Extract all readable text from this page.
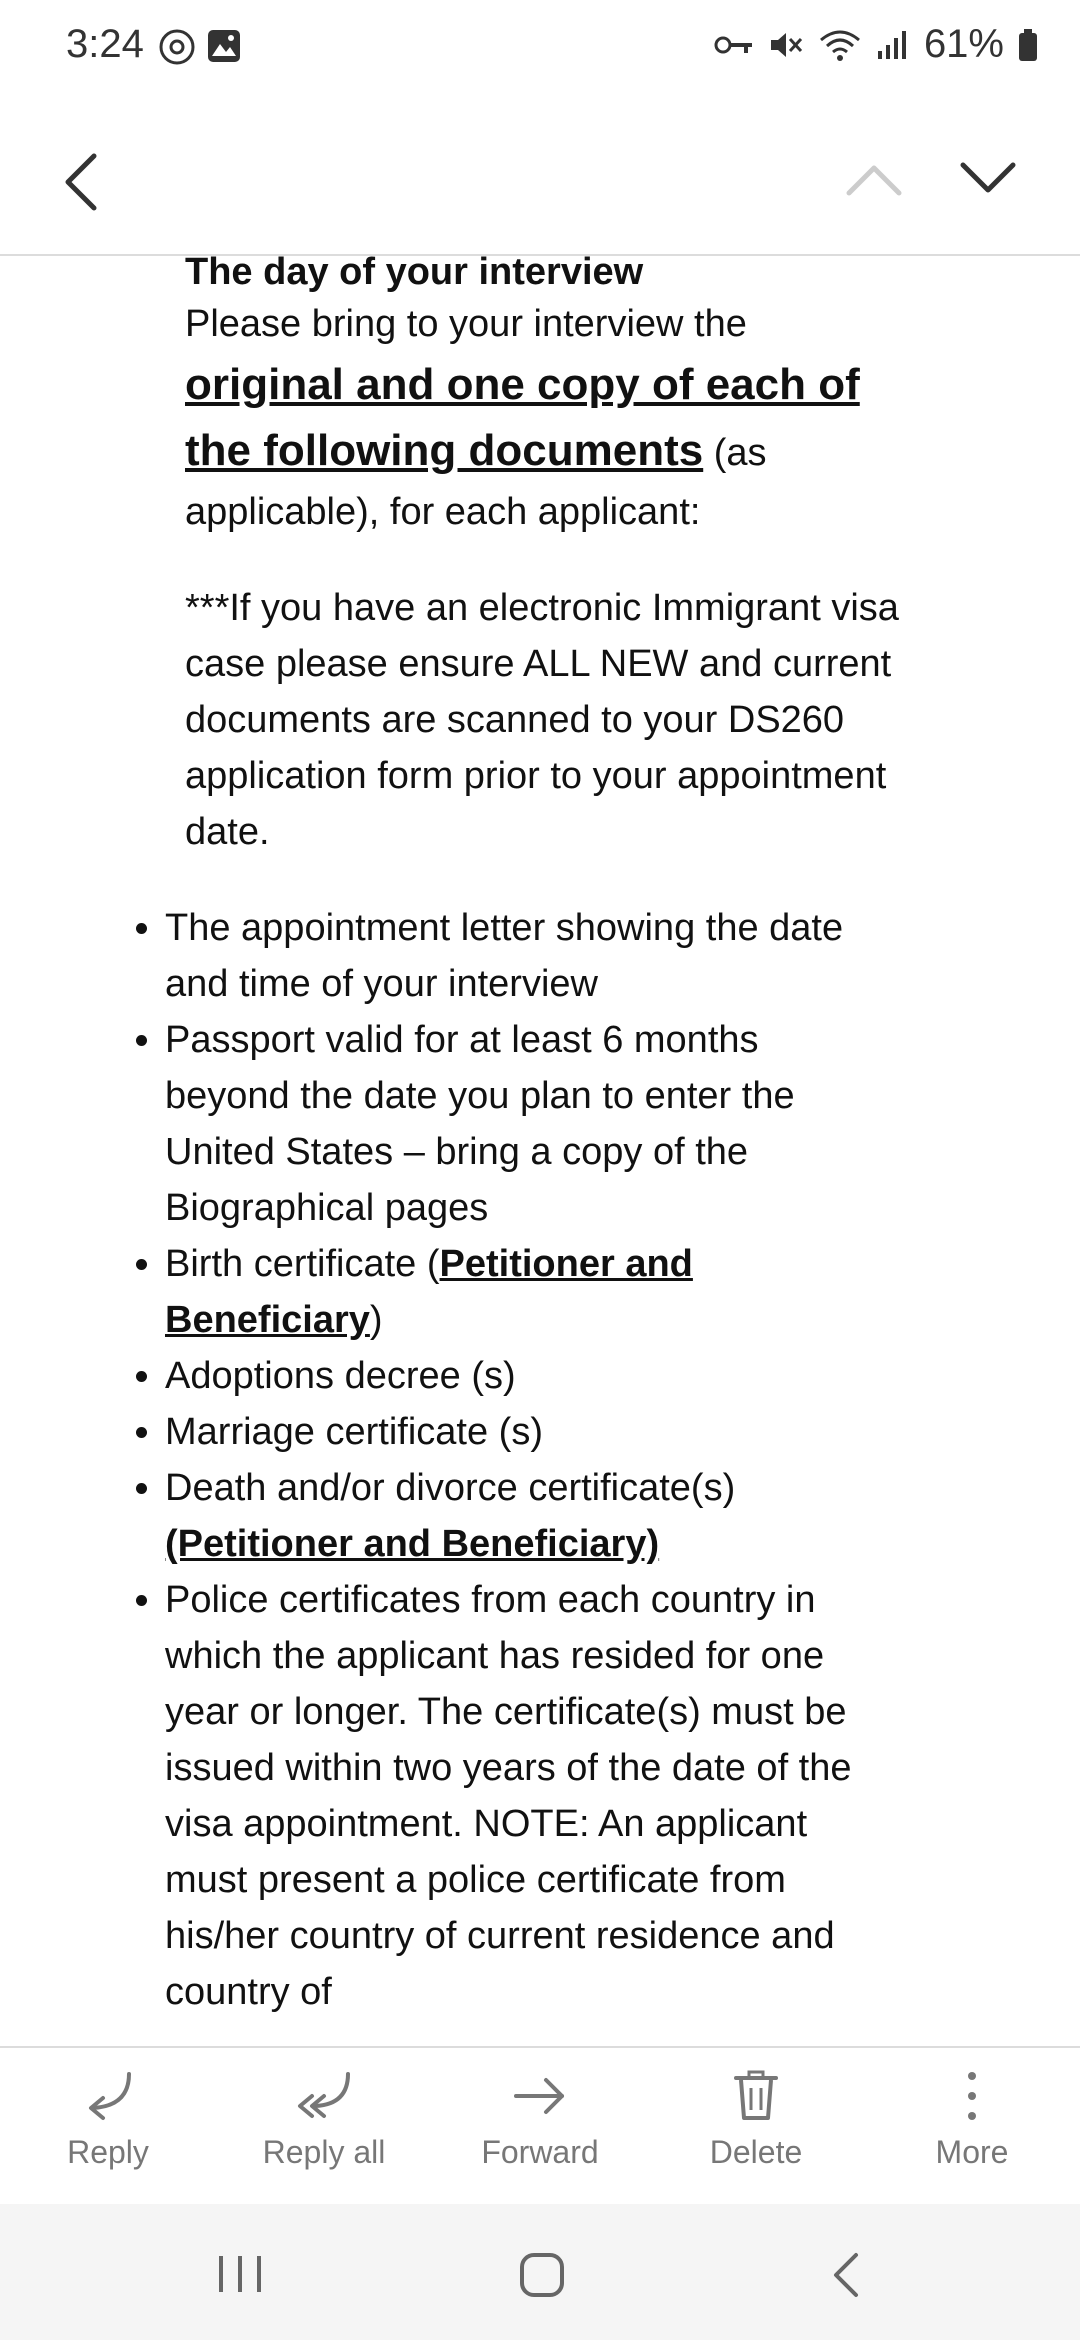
3:24	61%
The day of your interview
Please bring to your interview the
original and one copy of each of the following documents (as applicable), for each applicant:
***If you have an electronic Immigrant visa case please ensure ALL NEW and current documents are scanned to your DS260 application form prior to your appointment date.
• The appointment letter showing the date and time of your interview
• Passport valid for at least 6 months beyond the date you plan to enter the United States – bring a copy of the Biographical pages
• Birth certificate (Petitioner and Beneficiary)
• Adoptions decree (s)
• Marriage certificate (s)
• Death and/or divorce certificate(s) (Petitioner and Beneficiary)
• Police certificates from each country in which the applicant has resided for one year or longer. The certificate(s) must be issued within two years of the date of the visa appointment. NOTE: An applicant must present a police certificate from his/her country of current residence and country of
Reply	Reply all	Forward	Delete	More
